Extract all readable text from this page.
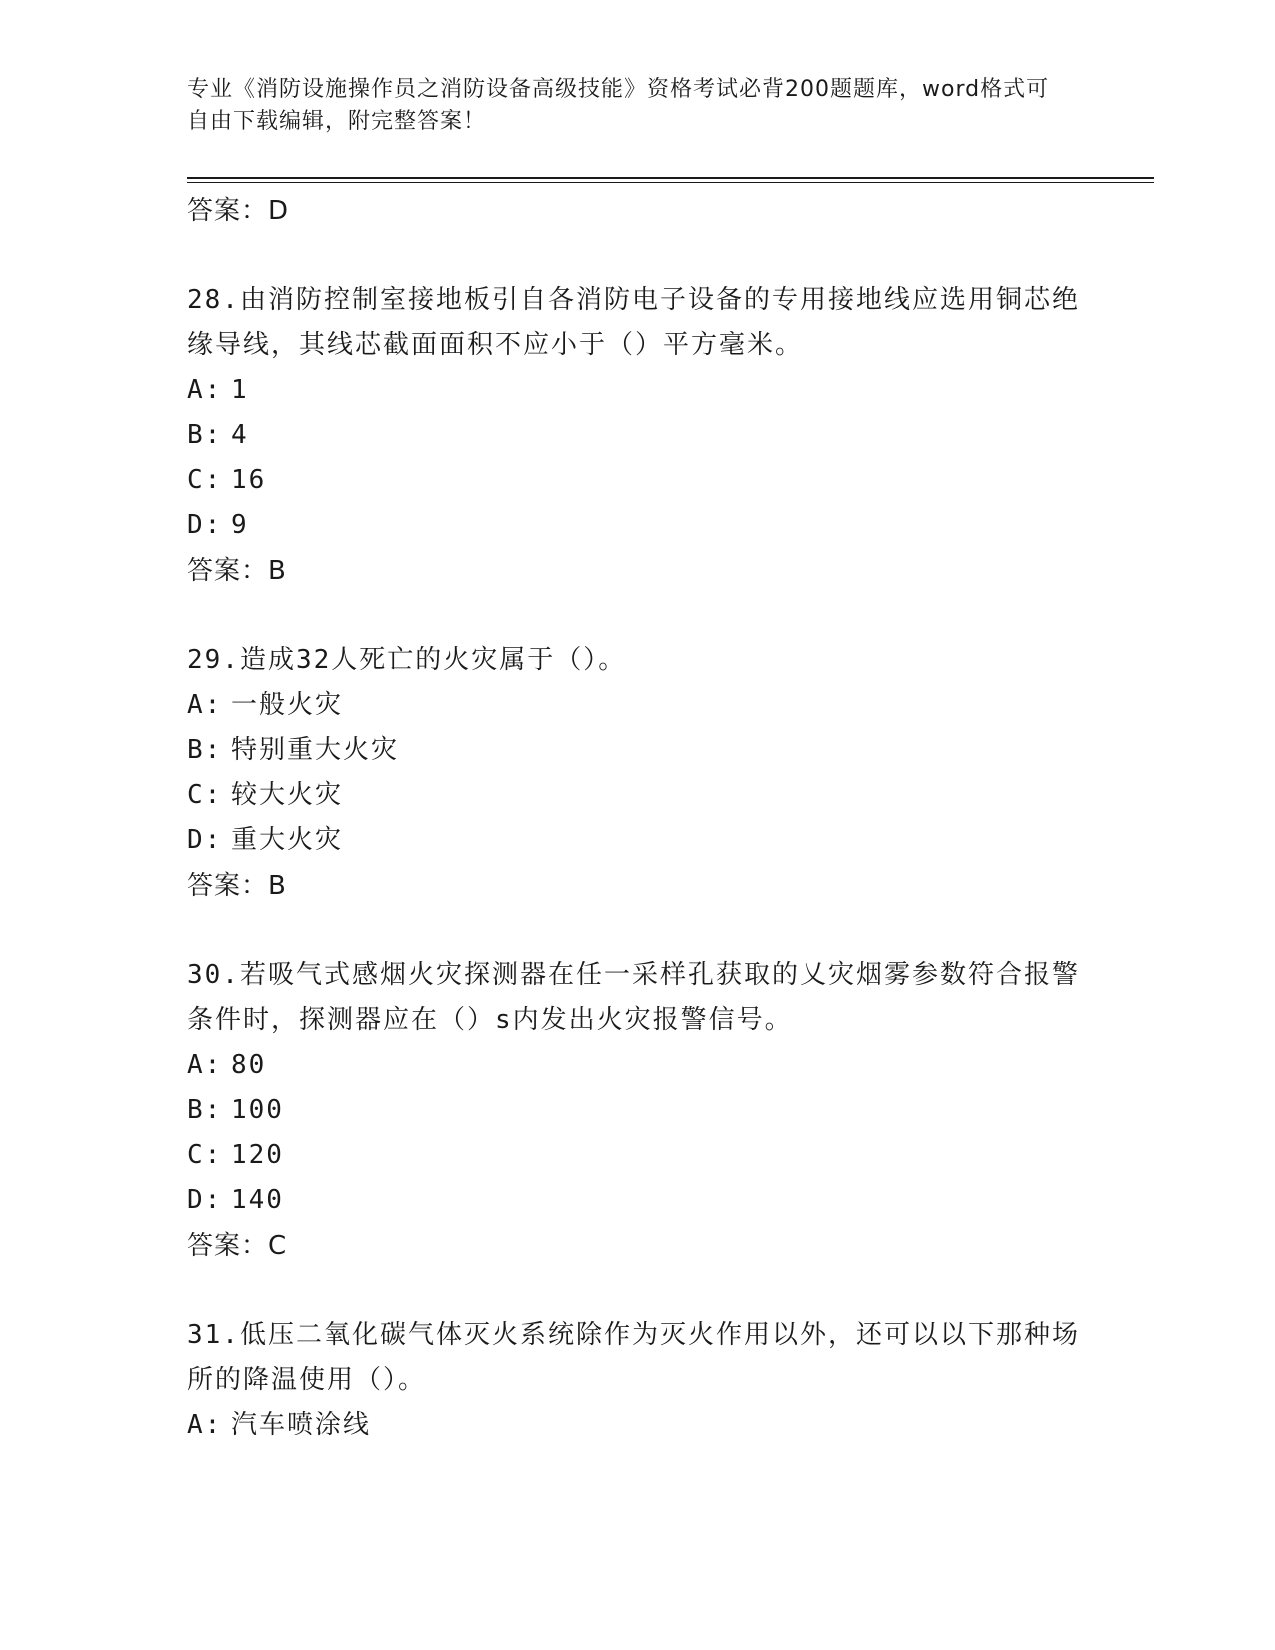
专业《消防设施操作员之消防设备高级技能》资格考试必背200题题库，word格式可自由下载编辑，附完整答案！
答案：D
28.由消防控制室接地板引自各消防电子设备的专用接地线应选用铜芯绝缘导线，其线芯截面面积不应小于（）平方毫米。
A: 1
B: 4
C: 16
D: 9
答案：B
29.造成32人死亡的火灾属于（）。
A: 一般火灾
B: 特别重大火灾
C: 较大火灾
D: 重大火灾
答案：B
30.若吸气式感烟火灾探测器在任一采样孔获取的乂灾烟雾参数符合报警条件时，探测器应在（）s内发出火灾报警信号。
A: 80
B: 100
C: 120
D: 140
答案：C
31.低压二氧化碳气体灭火系统除作为灭火作用以外，还可以以下那种场所的降温使用（）。
A: 汽车喷涂线
